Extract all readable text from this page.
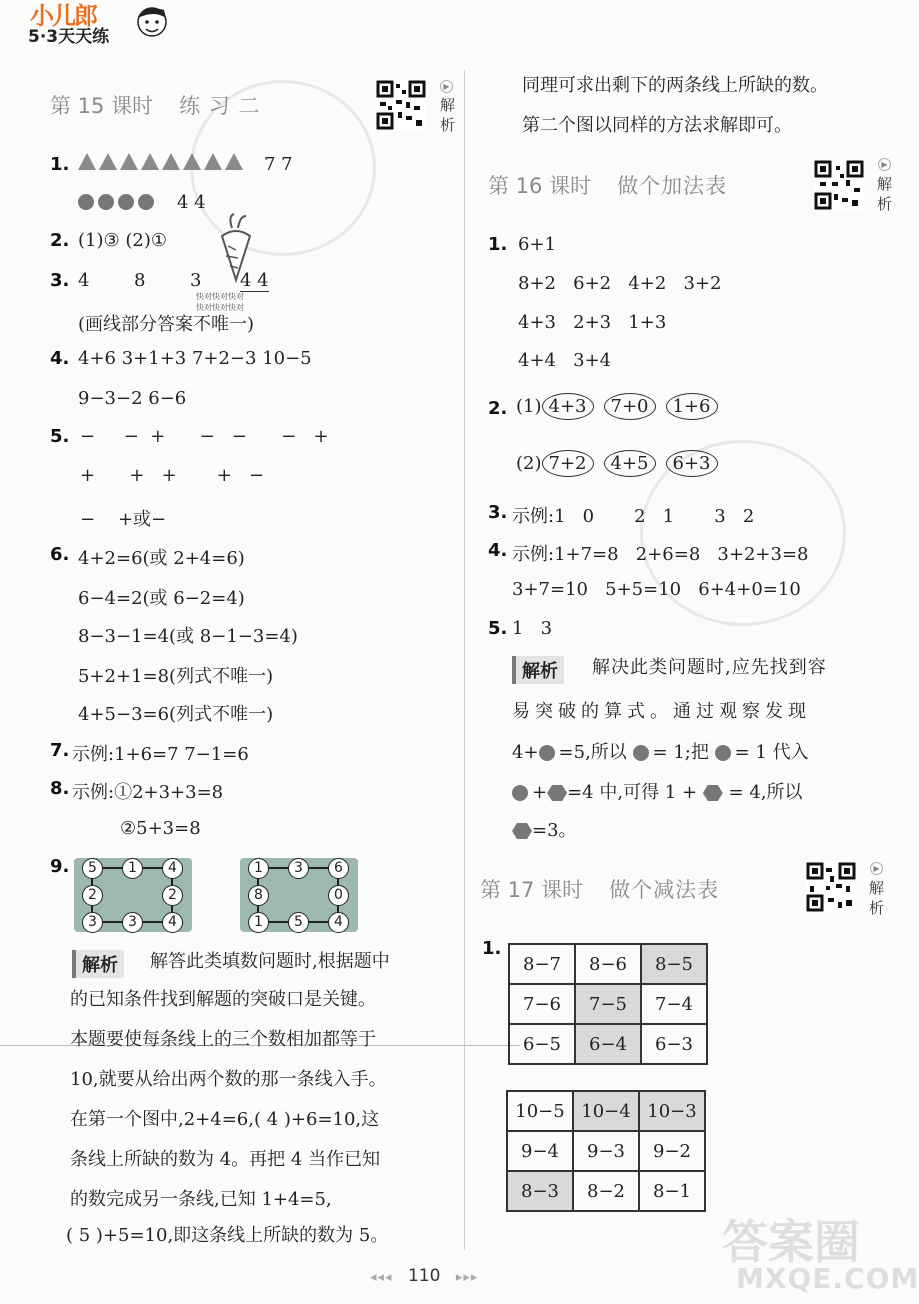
小儿郎
5·3天天练
第 15 课时 练 习 二
▶
解析
1.	7 7
4 4
2. (1)③ (2)①
3. 4 8 3 4 4
快对快对快对
快对快对快对
(画线部分答案不唯一)
4. 4+6 3+1+3 7+2−3 10−5
9−3−2 6−6
5. −     −  +      −   −      −   +
+      +   +       +   −
−    +或−
6. 4+2=6(或 2+4=6)
6−4=2(或 6−2=4)
8−3−1=4(或 8−1−3=4)
5+2+1=8(列式不唯一)
4+5−3=6(列式不唯一)
7. 示例:1+6=7 7−1=6
8. 示例:①2+3+3=8
②5+3=8
9.	5	1	4
2	2
3	3	4
1	3	6
8	0
1	5	4
解析	解答此类填数问题时,根据题中
的已知条件找到解题的突破口是关键。
本题要使每条线上的三个数相加都等于
10,就要从给出两个数的那一条线入手。
在第一个图中,2+4=6,( 4 )+6=10,这
条线上所缺的数为 4。再把 4 当作已知
的数完成另一条线,已知 1+4=5,
( 5 )+5=10,即这条线上所缺的数为 5。
同理可求出剩下的两条线上所缺的数。
第二个图以同样的方法求解即可。
第 16 课时 做个加法表
▶
解析
1. 6+1
8+2   6+2   4+2   3+2
4+3   2+3   1+3
4+4   3+4
2. (1) 4+3 7+0 1+6
(2) 7+2 4+5 6+3
3. 示例:1   0       2   1       3   2
4. 示例:1+7=8   2+6=8   3+2+3=8
3+7=10   5+5=10   6+4+0=10
5. 1   3
解析	解决此类问题时,应先找到容
易突破的算式。通过观察发现
4+ =5,所以 = 1;把 = 1 代入
+ =4 中,可得 1 + = 4,所以
=3。
第 17 课时 做个减法表
▶
解析
1.
8−7	8−6	8−5
7−6	7−5	7−4
6−5	6−4	6−3
10−5	10−4	10−3
9−4	9−3	9−2
8−3	8−2	8−1
◂◂◂ 110 ▸▸▸
答案圈
MXQE.COM
